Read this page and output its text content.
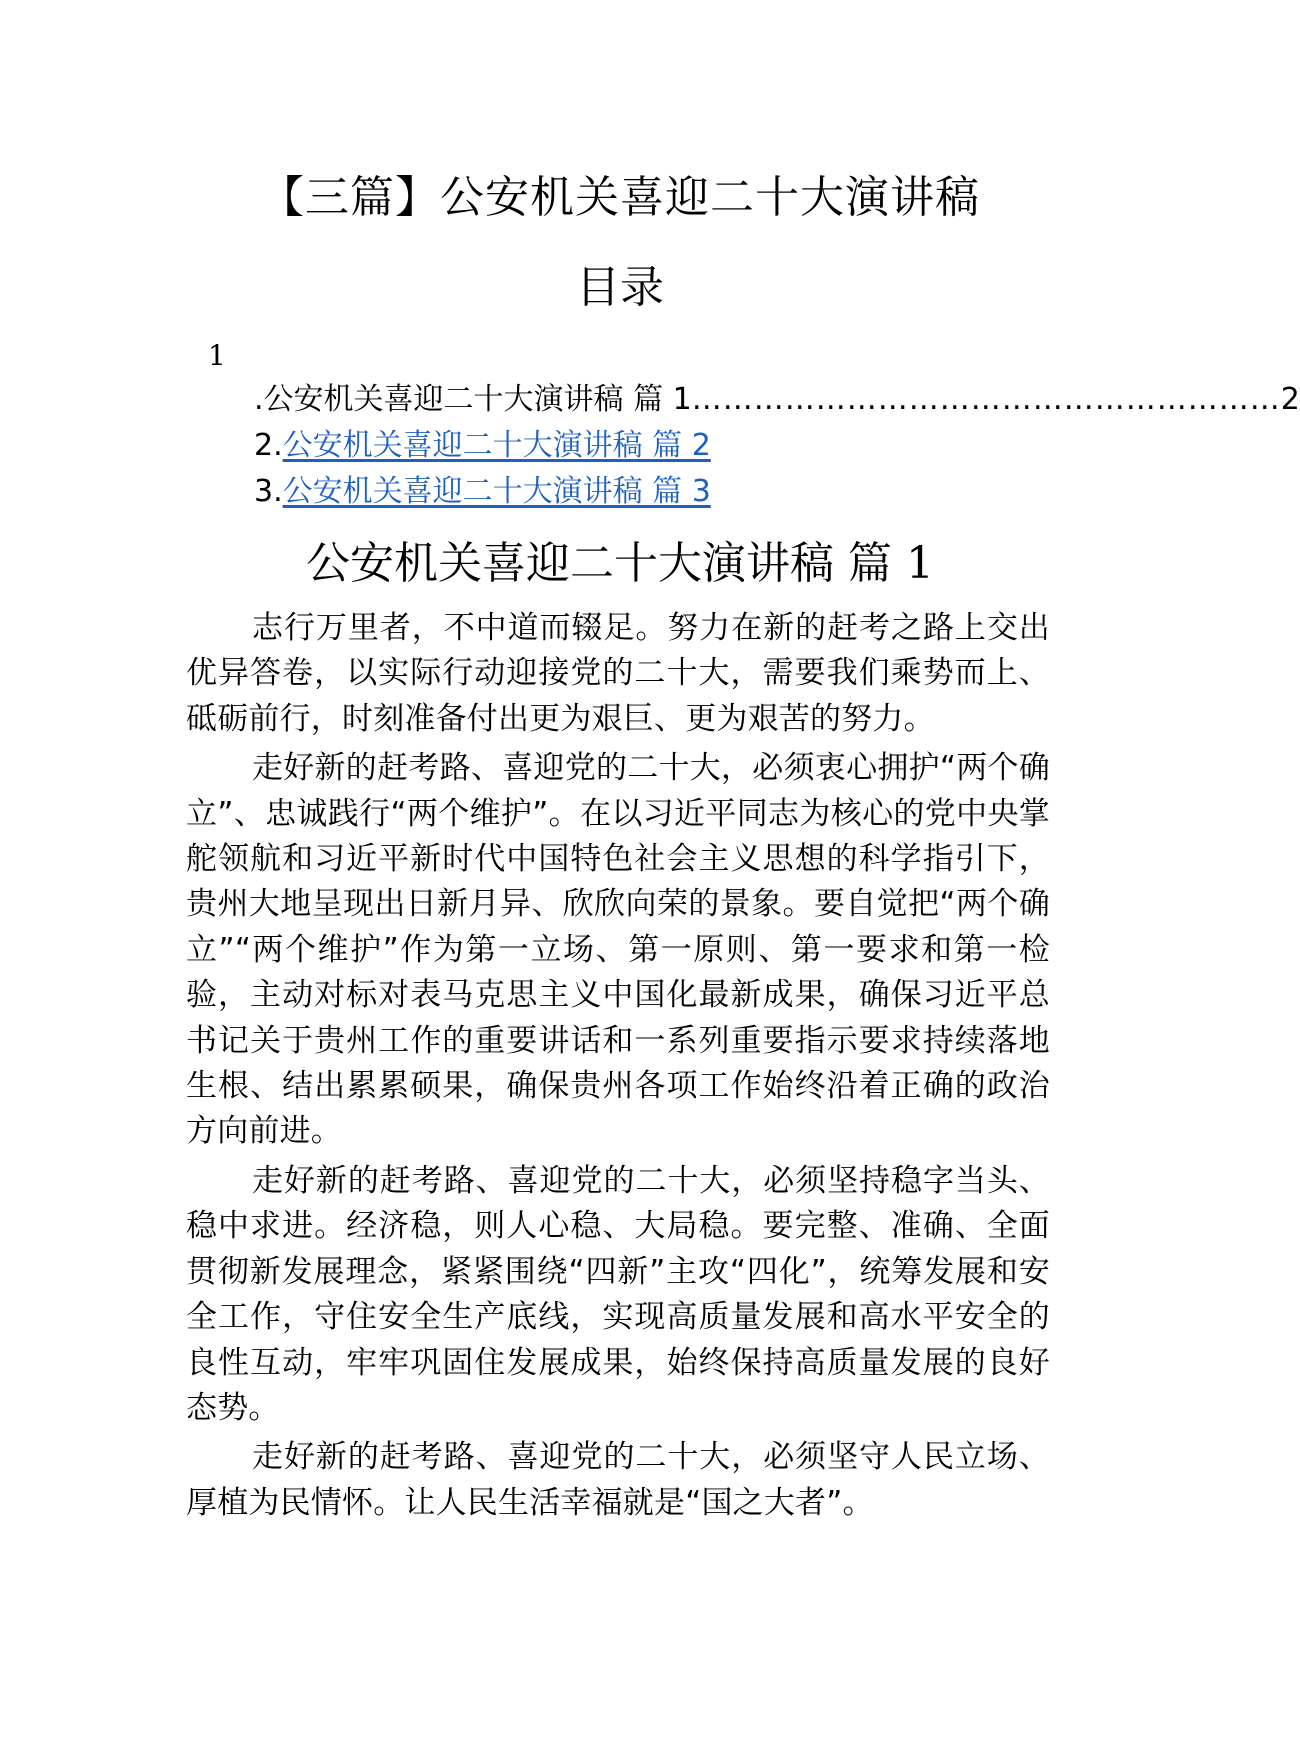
【三篇】公安机关喜迎二十大演讲稿
目录
1
.公安机关喜迎二十大演讲稿 篇 1 ………………………………………………… 2
2.公安机关喜迎二十大演讲稿 篇 2
3.公安机关喜迎二十大演讲稿 篇 3
公安机关喜迎二十大演讲稿 篇 1

志行万里者，不中道而辍足。努力在新的赶考之路上交出优异答卷，以实际行动迎接党的二十大，需要我们乘势而上、砥砺前行，时刻准备付出更为艰巨、更为艰苦的努力。

走好新的赶考路、喜迎党的二十大，必须衷心拥护“两个确立”、忠诚践行“两个维护”。在以习近平同志为核心的党中央掌舵领航和习近平新时代中国特色社会主义思想的科学指引下，贵州大地呈现出日新月异、欣欣向荣的景象。要自觉把“两个确立”“两个维护”作为第一立场、第一原则、第一要求和第一检验，主动对标对表马克思主义中国化最新成果，确保习近平总书记关于贵州工作的重要讲话和一系列重要指示要求持续落地生根、结出累累硕果，确保贵州各项工作始终沿着正确的政治方向前进。

走好新的赶考路、喜迎党的二十大，必须坚持稳字当头、稳中求进。经济稳，则人心稳、大局稳。要完整、准确、全面贯彻新发展理念，紧紧围绕“四新”主攻“四化”，统筹发展和安全工作，守住安全生产底线，实现高质量发展和高水平安全的良性互动，牢牢巩固住发展成果，始终保持高质量发展的良好态势。

走好新的赶考路、喜迎党的二十大，必须坚守人民立场、厚植为民情怀。让人民生活幸福就是“国之大者”。
